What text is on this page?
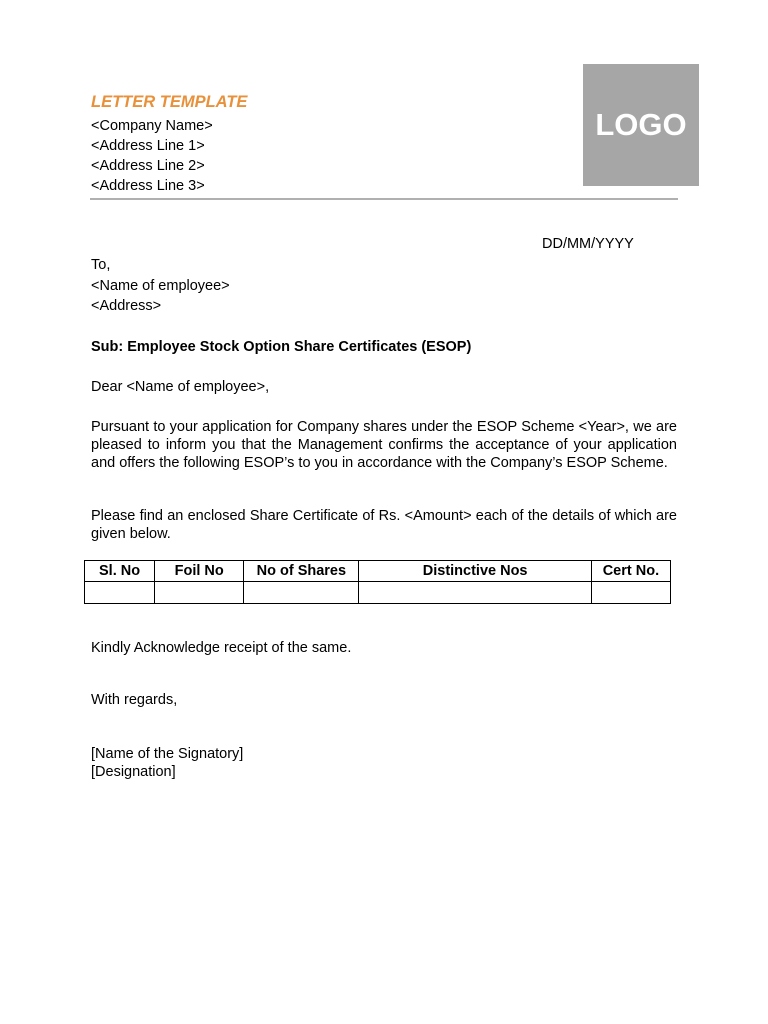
LETTER TEMPLATE
<Company Name>
<Address Line 1>
<Address Line 2>
<Address Line 3>
LOGO
DD/MM/YYYY
To,
<Name of employee>
<Address>
Sub: Employee Stock Option Share Certificates (ESOP)
Dear <Name of employee>,
Pursuant to your application for Company shares under the ESOP Scheme <Year>, we are pleased to inform you that the Management confirms the acceptance of your application and offers the following ESOP’s to you in accordance with the Company’s ESOP Scheme.
Please find an enclosed Share Certificate of Rs. <Amount> each of the details of which are given below.
Sl. No	Foil No	No of Shares	Distinctive Nos	Cert No.

Kindly Acknowledge receipt of the same.
With regards,
[Name of the Signatory]
[Designation]
